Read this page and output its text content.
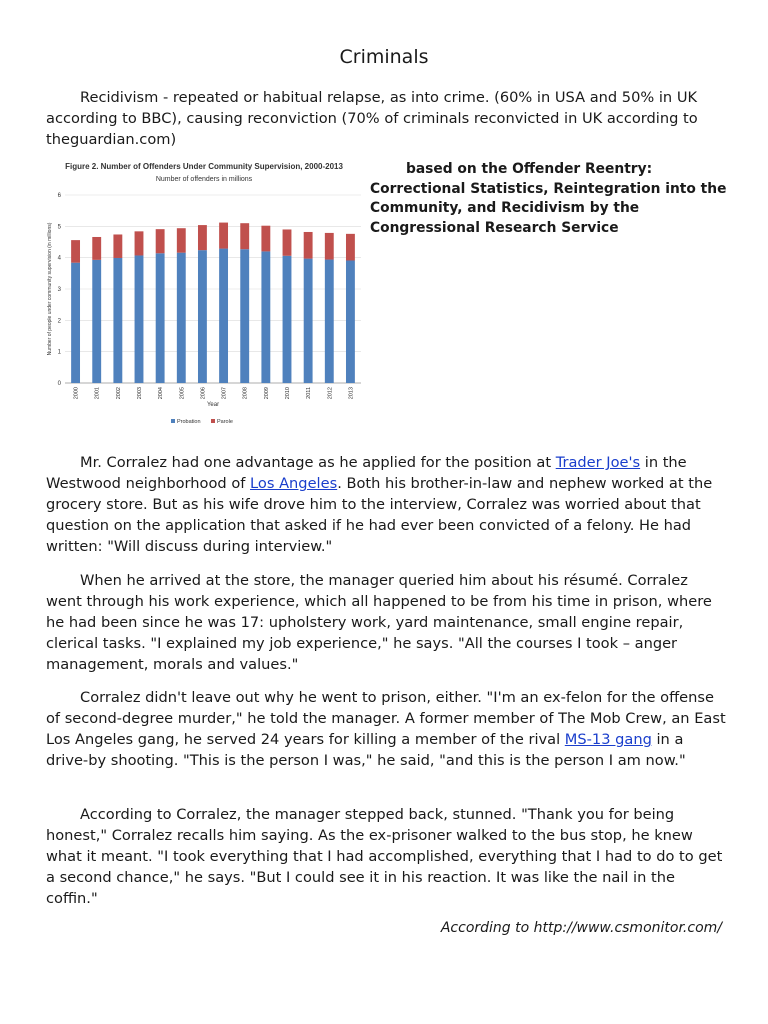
Criminals

Recidivism - repeated or habitual relapse, as into crime. (60% in USA and 50% in UK according to BBC), causing reconviction (70% of criminals reconvicted in UK according to theguardian.com)

Figure 2. Number of Offenders Under Community Supervision, 2000-2013
Number of offenders in millions
Number of people under community supervision (in millions)
Year
0
1
2
3
4
5
6
2000	2001	2002	2003	2004	2005	2006	2007	2008	2009	2010	2011	2012	2013
Probation	Parole
based on the Offender Reentry:
Correctional Statistics, Reintegration into the Community, and Recidivism by the Congressional Research Service

Mr. Corralez had one advantage as he applied for the position at Trader Joe's in the Westwood neighborhood of Los Angeles. Both his brother-in-law and nephew worked at the grocery store. But as his wife drove him to the interview, Corralez was worried about that question on the application that asked if he had ever been convicted of a felony. He had written: "Will discuss during interview."

When he arrived at the store, the manager queried him about his résumé. Corralez went through his work experience, which all happened to be from his time in prison, where he had been since he was 17: upholstery work, yard maintenance, small engine repair, clerical tasks. "I explained my job experience," he says. "All the courses I took – anger management, morals and values."

Corralez didn't leave out why he went to prison, either. "I'm an ex-felon for the offense of second-degree murder," he told the manager. A former member of The Mob Crew, an East Los Angeles gang, he served 24 years for killing a member of the rival MS-13 gang in a drive-by shooting. "This is the person I was," he said, "and this is the person I am now."

According to Corralez, the manager stepped back, stunned. "Thank you for being honest," Corralez recalls him saying. As the ex-prisoner walked to the bus stop, he knew what it meant. "I took everything that I had accomplished, everything that I had to do to get a second chance," he says. "But I could see it in his reaction. It was like the nail in the coffin."

According to http://www.csmonitor.com/
